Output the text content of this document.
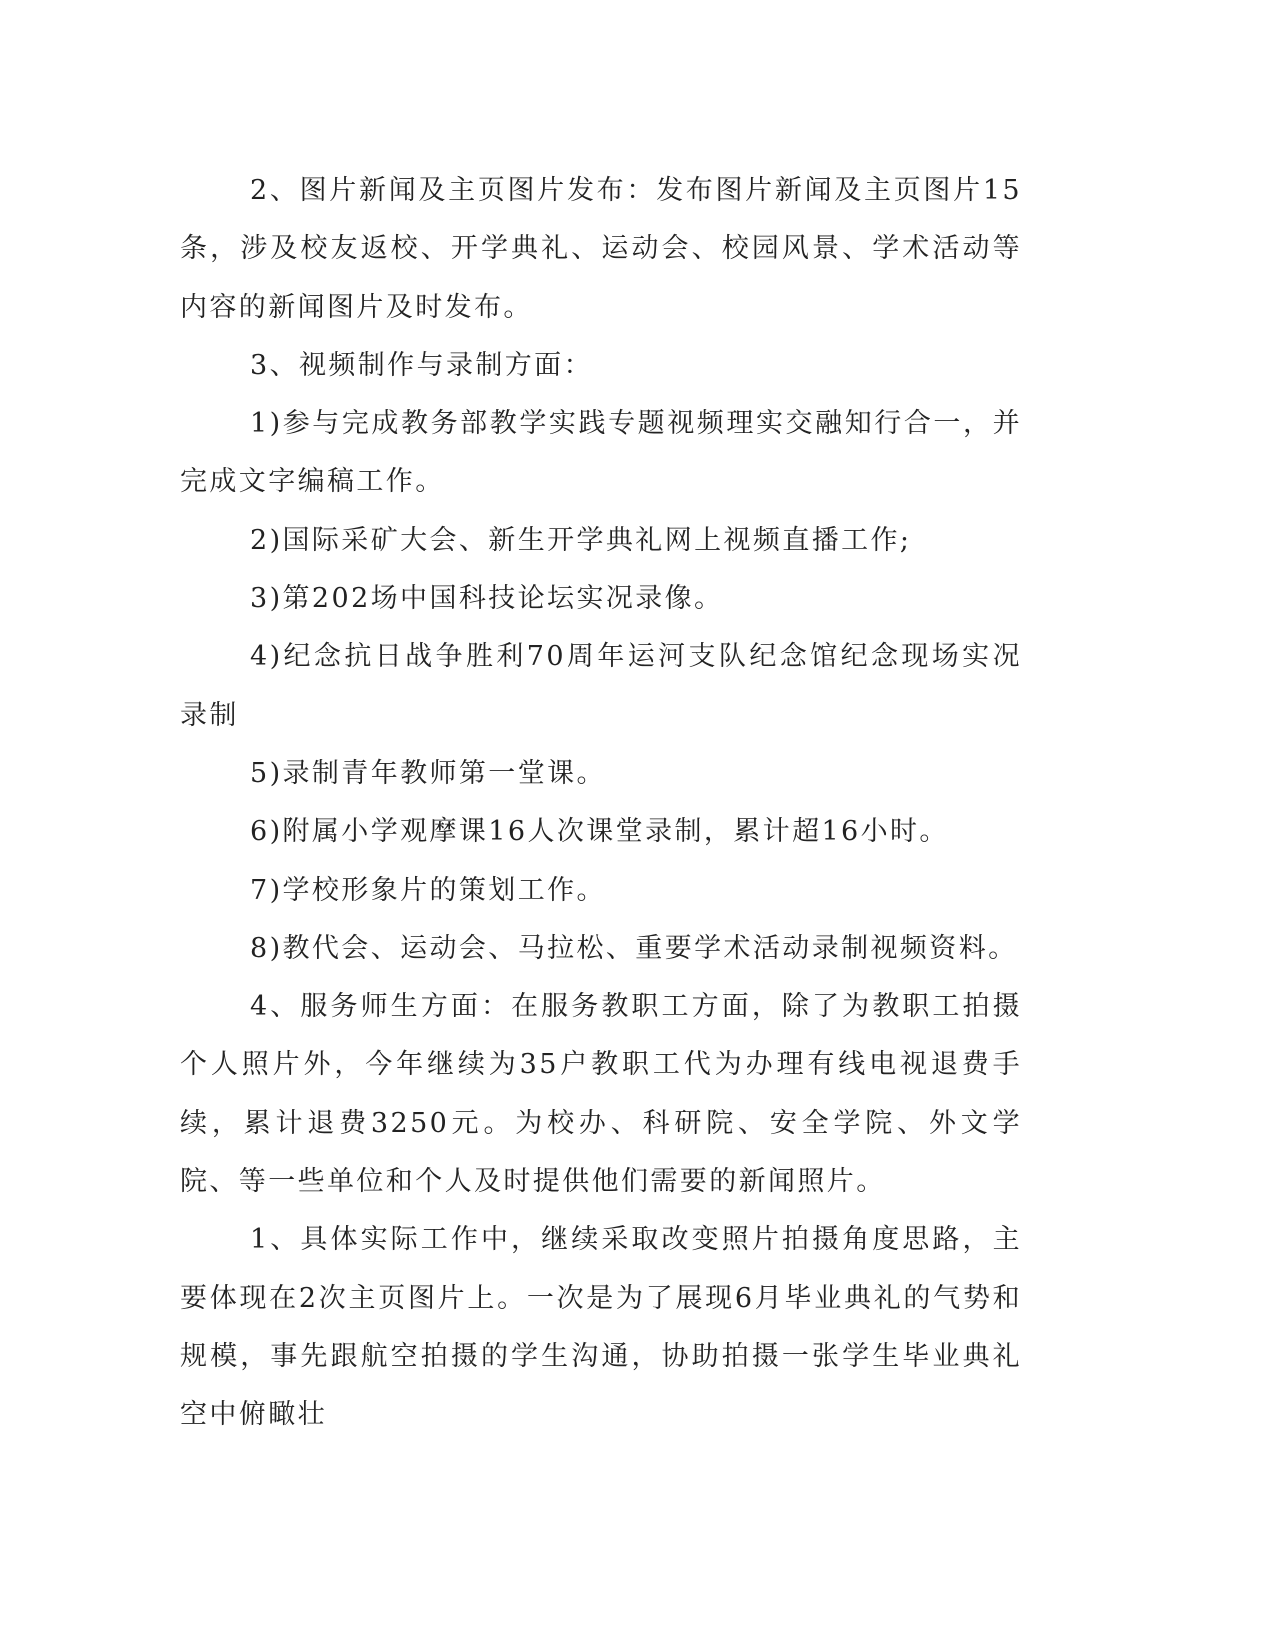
2、图片新闻及主页图片发布：发布图片新闻及主页图片15条，涉及校友返校、开学典礼、运动会、校园风景、学术活动等内容的新闻图片及时发布。

3、视频制作与录制方面：

1)参与完成教务部教学实践专题视频理实交融知行合一，并完成文字编稿工作。

2)国际采矿大会、新生开学典礼网上视频直播工作;

3)第202场中国科技论坛实况录像。

4)纪念抗日战争胜利70周年运河支队纪念馆纪念现场实况录制

5)录制青年教师第一堂课。

6)附属小学观摩课16人次课堂录制，累计超16小时。

7)学校形象片的策划工作。

8)教代会、运动会、马拉松、重要学术活动录制视频资料。

4、服务师生方面：在服务教职工方面，除了为教职工拍摄个人照片外，今年继续为35户教职工代为办理有线电视退费手续，累计退费3250元。为校办、科研院、安全学院、外文学院、等一些单位和个人及时提供他们需要的新闻照片。

1、具体实际工作中，继续采取改变照片拍摄角度思路，主要体现在2次主页图片上。一次是为了展现6月毕业典礼的气势和规模，事先跟航空拍摄的学生沟通，协助拍摄一张学生毕业典礼空中俯瞰壮
